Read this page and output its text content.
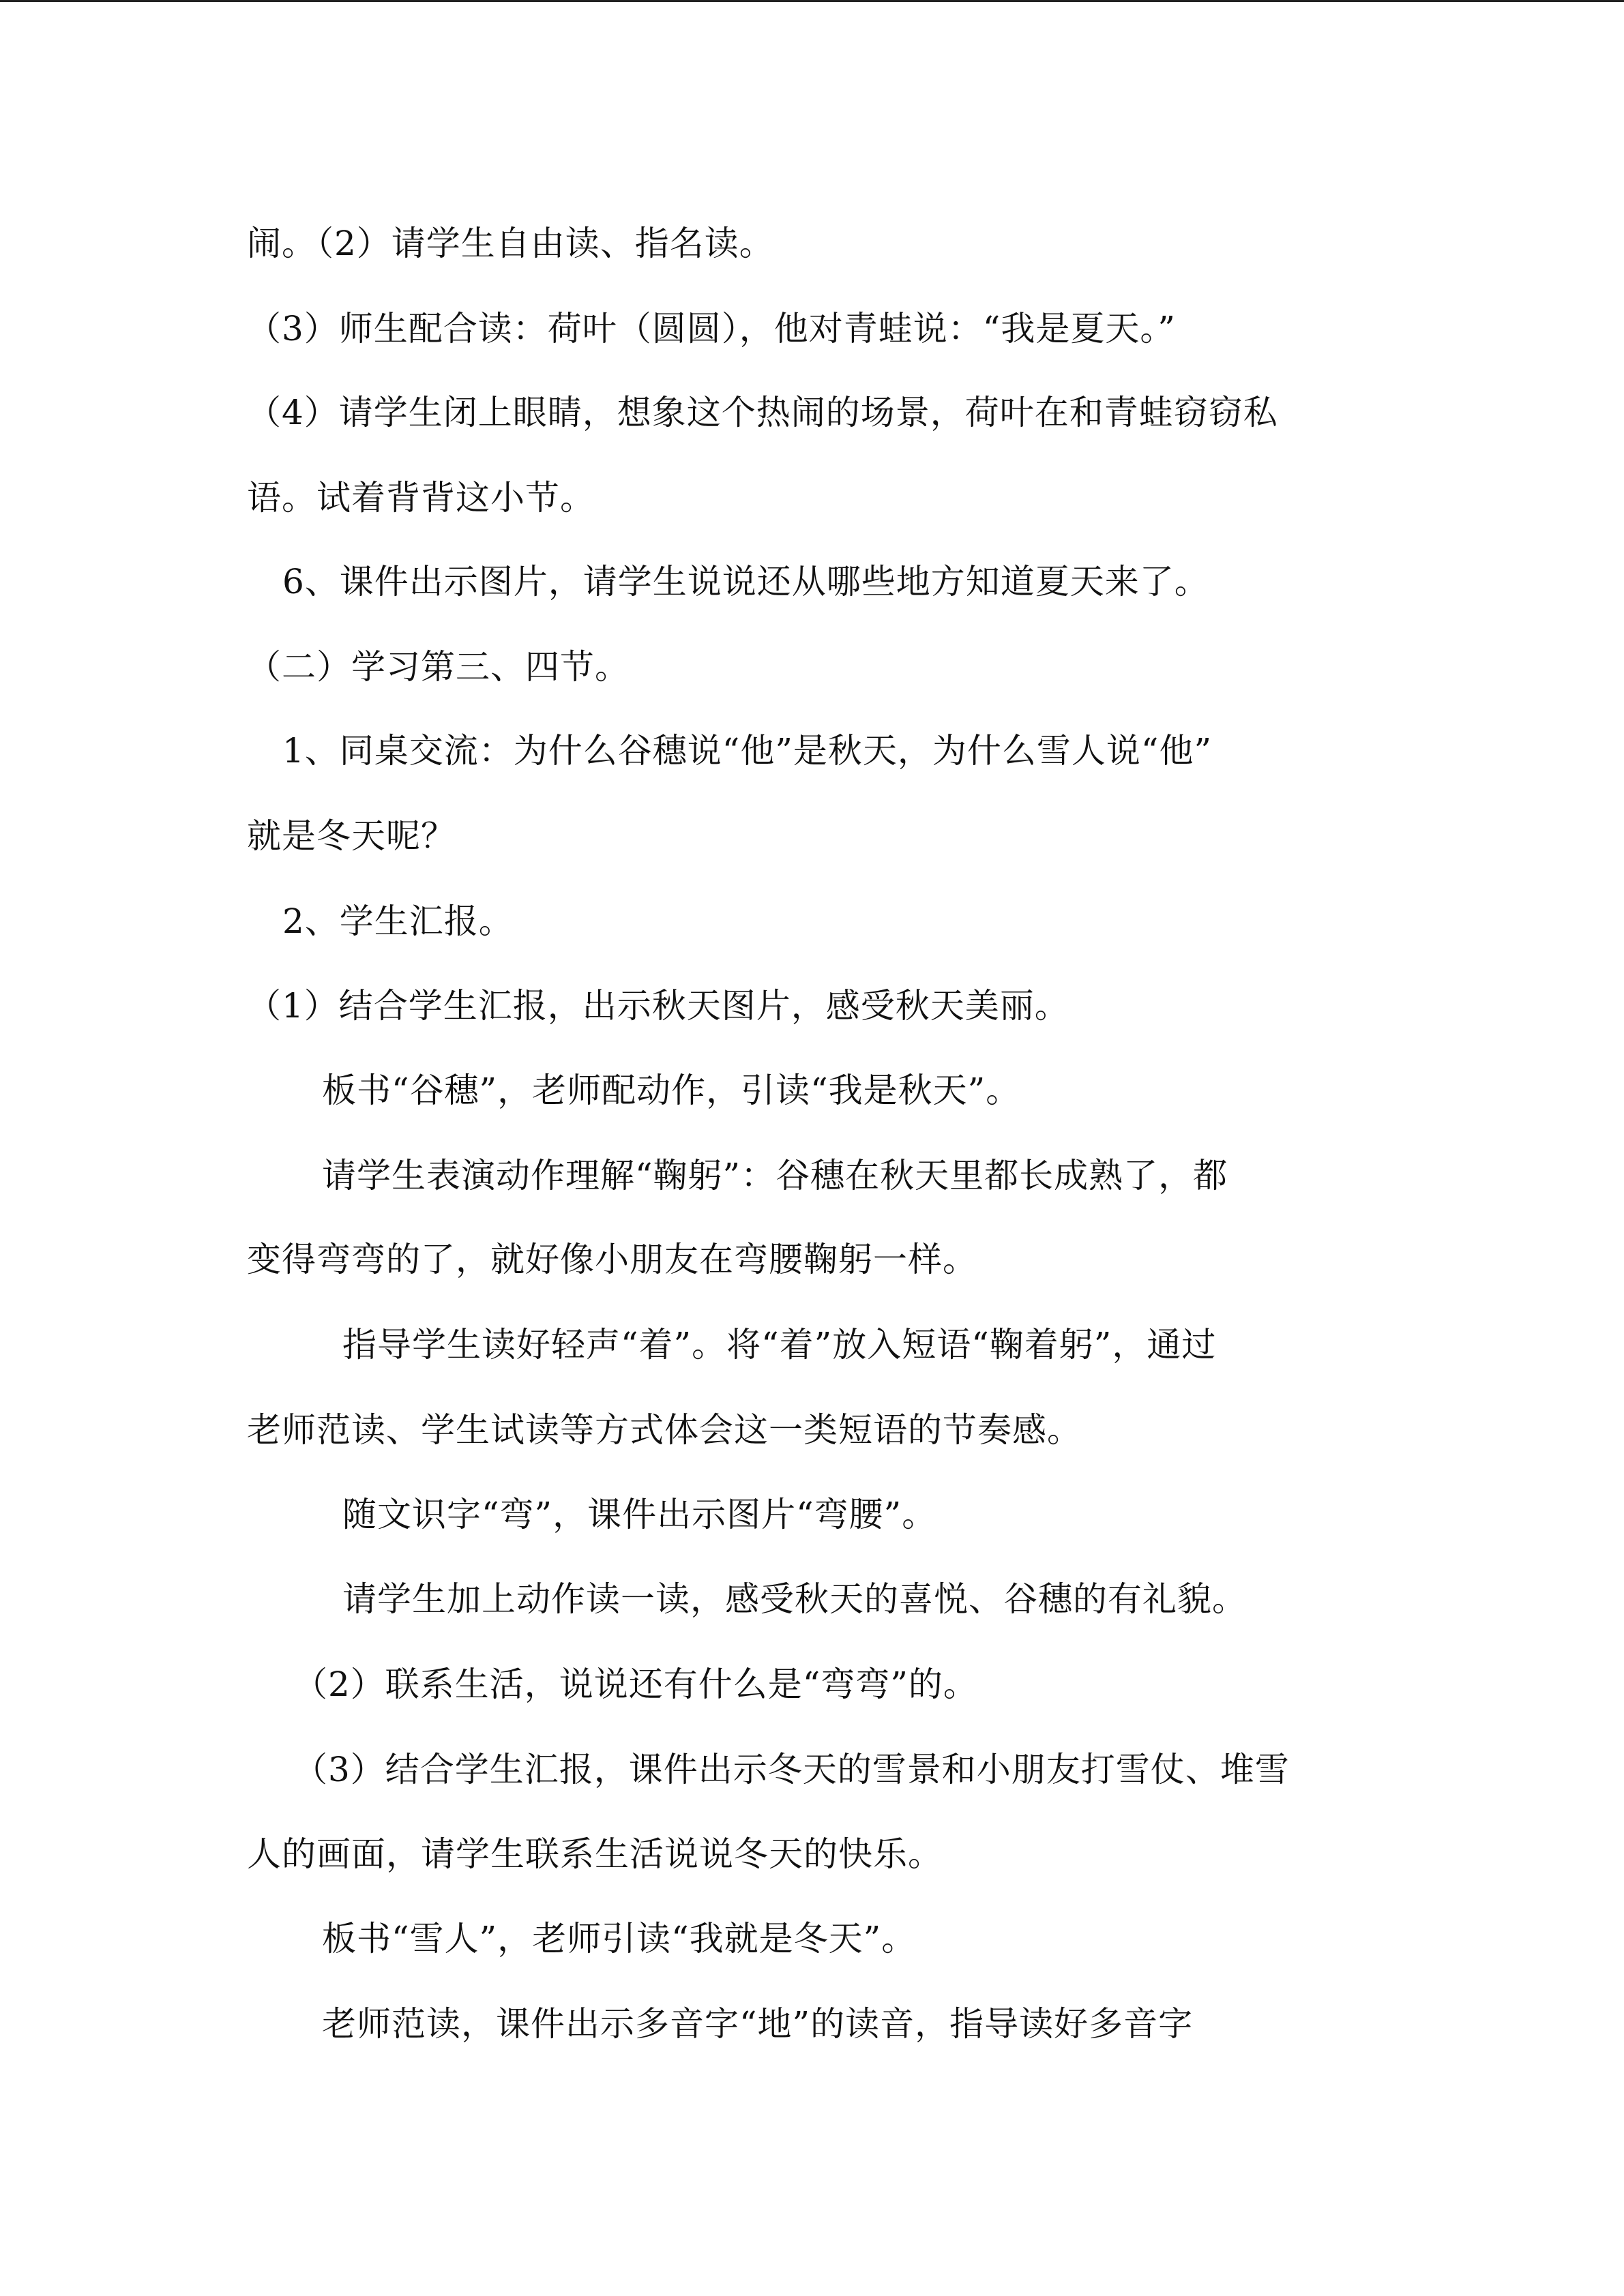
闹。（2）请学生自由读、指名读。
（3）师生配合读：荷叶（圆圆），他对青蛙说：“我是夏天。”
（4）请学生闭上眼睛，想象这个热闹的场景，荷叶在和青蛙窃窃私
语。试着背背这小节。
6、课件出示图片，请学生说说还从哪些地方知道夏天来了。
（二）学习第三、四节。
1、同桌交流：为什么谷穗说“他”是秋天，为什么雪人说“他”
就是冬天呢？
2、学生汇报。
（1）结合学生汇报，出示秋天图片，感受秋天美丽。
板书“谷穗”，老师配动作，引读“我是秋天”。
请学生表演动作理解“鞠躬”：谷穗在秋天里都长成熟了，都
变得弯弯的了，就好像小朋友在弯腰鞠躬一样。
指导学生读好轻声“着”。将“着”放入短语“鞠着躬”，通过
老师范读、学生试读等方式体会这一类短语的节奏感。
随文识字“弯”，课件出示图片“弯腰”。
请学生加上动作读一读，感受秋天的喜悦、谷穗的有礼貌。
（2）联系生活，说说还有什么是“弯弯”的。
（3）结合学生汇报，课件出示冬天的雪景和小朋友打雪仗、堆雪
人的画面，请学生联系生活说说冬天的快乐。
板书“雪人”，老师引读“我就是冬天”。
老师范读，课件出示多音字“地”的读音，指导读好多音字
